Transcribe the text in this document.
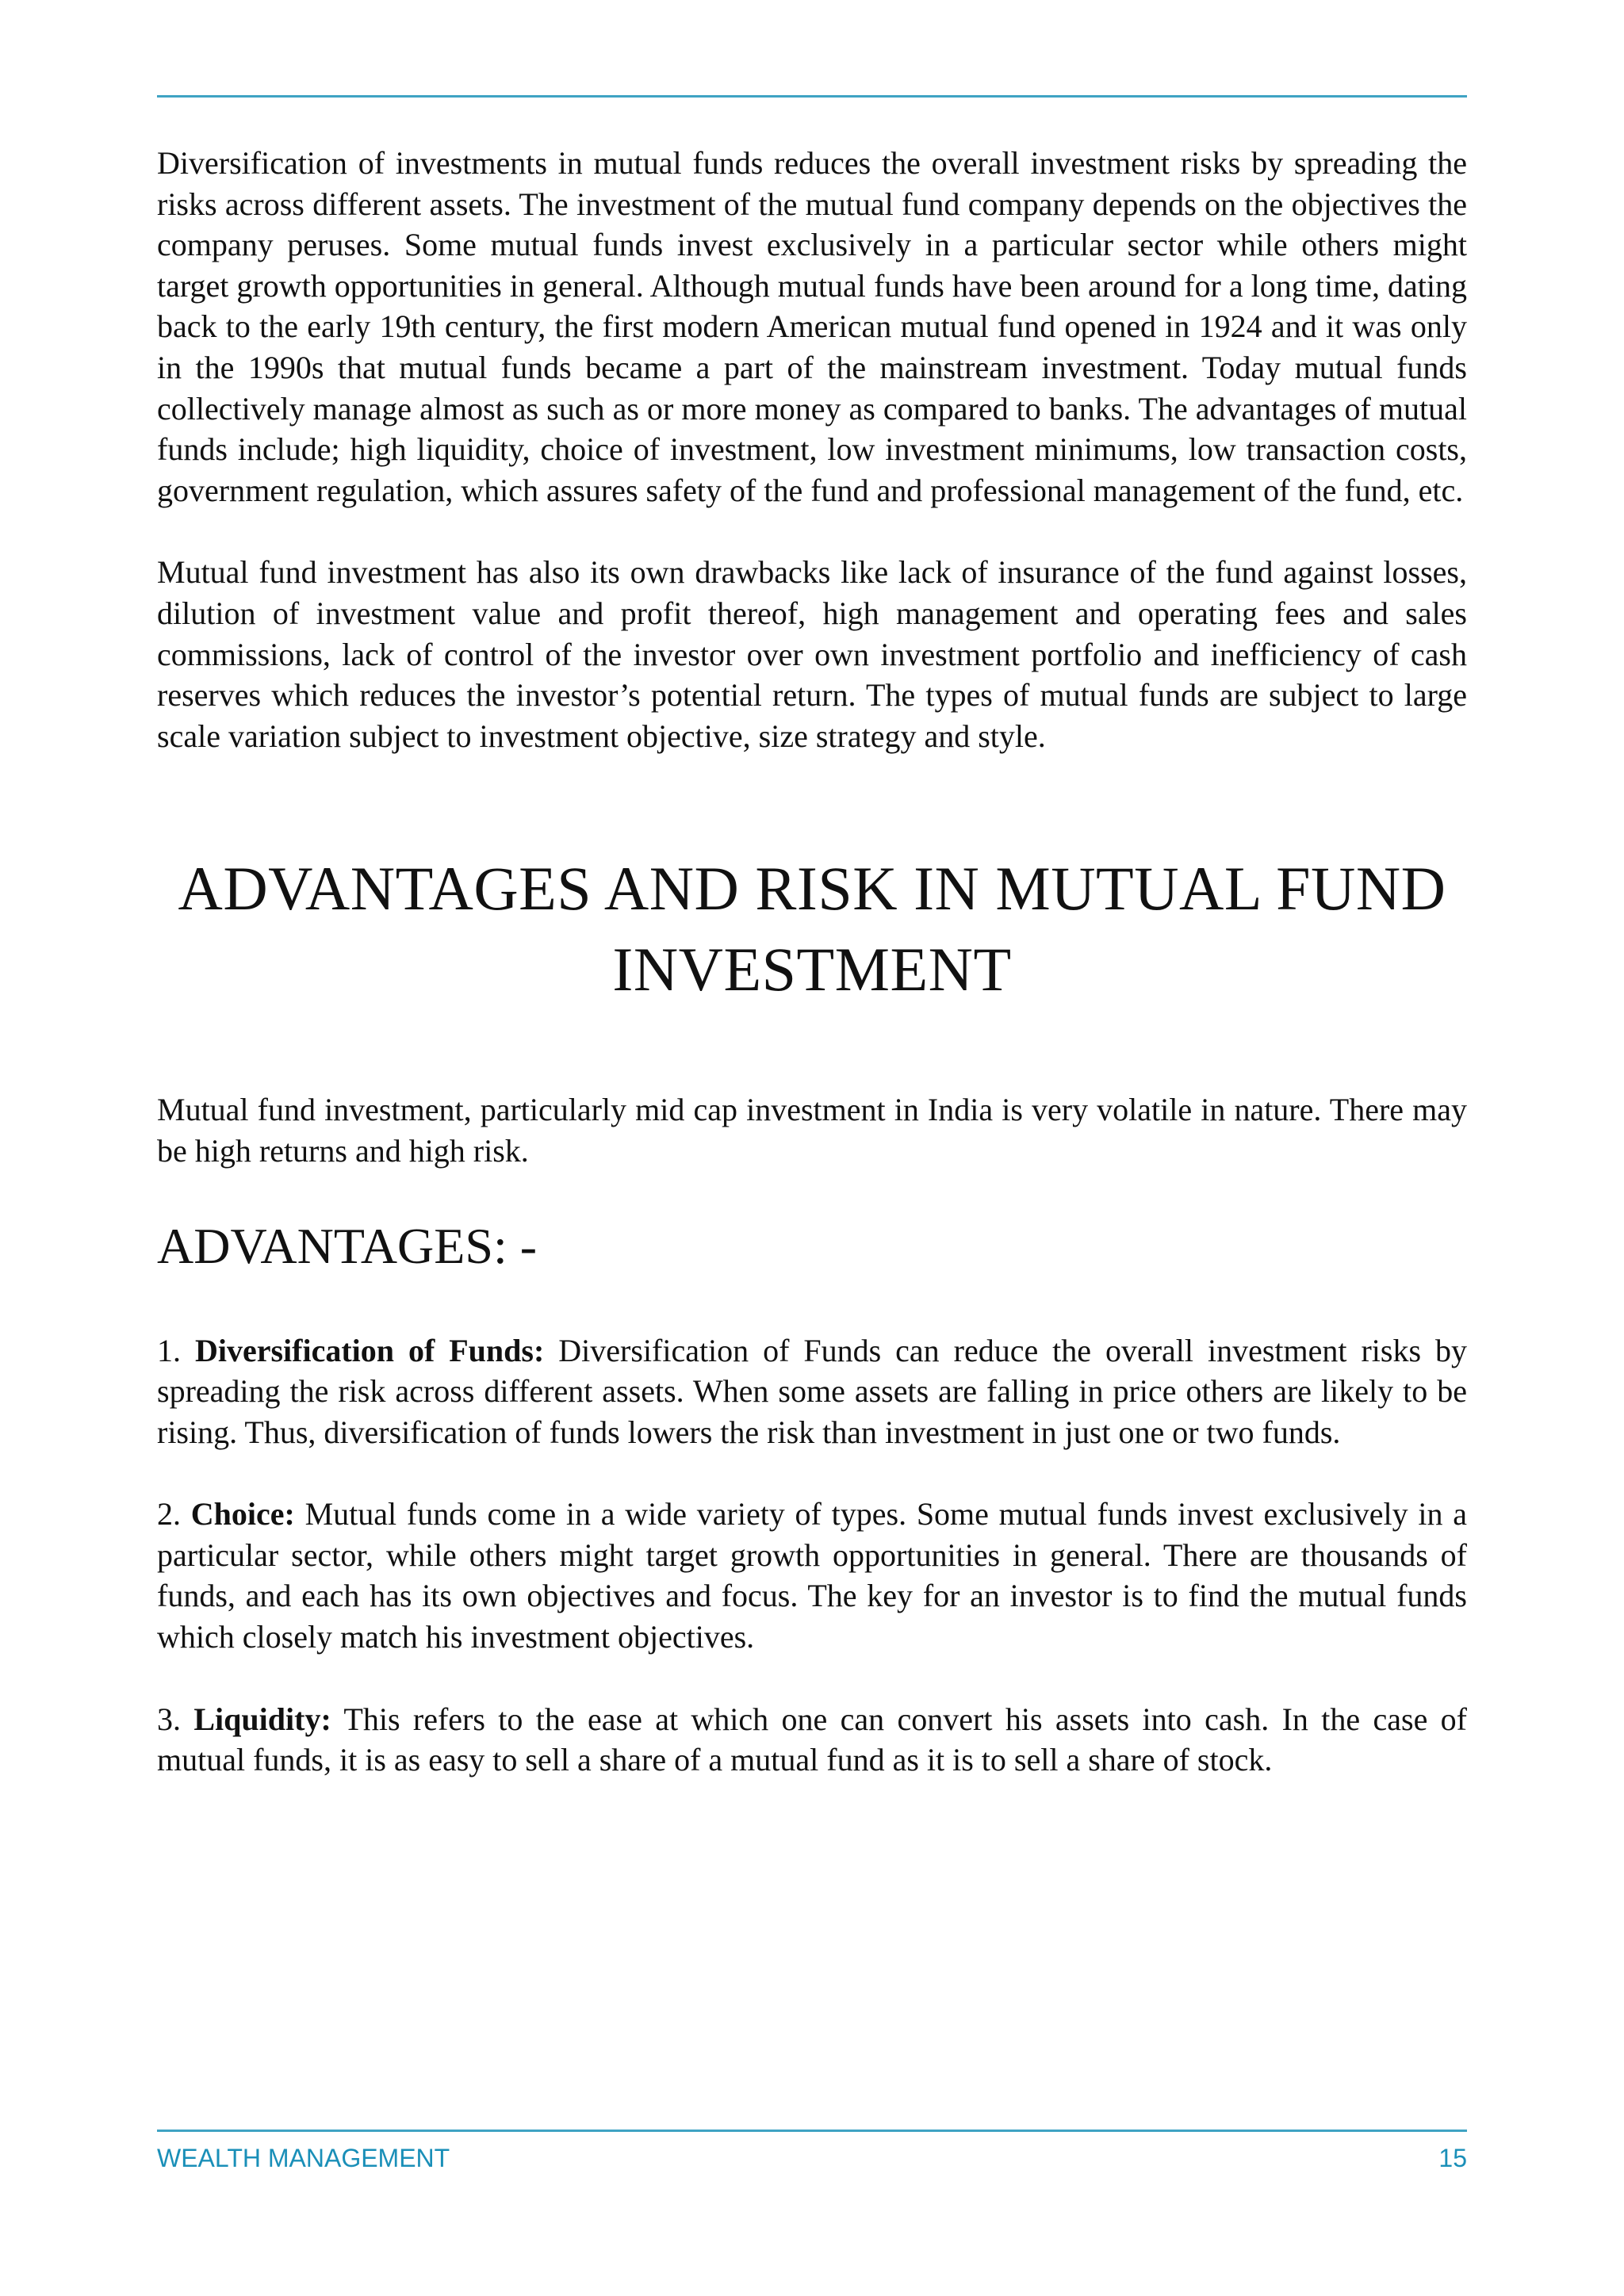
Diversification of investments in mutual funds reduces the overall investment risks by spreading the risks across different assets. The investment of the mutual fund company depends on the objectives the company peruses. Some mutual funds invest exclusively in a particular sector while others might target growth opportunities in general. Although mutual funds have been around for a long time, dating back to the early 19th century, the first modern American mutual fund opened in 1924 and it was only in the 1990s that mutual funds became a part of the mainstream investment. Today mutual funds collectively manage almost as such as or more money as compared to banks. The advantages of mutual funds include; high liquidity, choice of investment, low investment minimums, low transaction costs, government regulation, which assures safety of the fund and professional management of the fund, etc.

Mutual fund investment has also its own drawbacks like lack of insurance of the fund against losses, dilution of investment value and profit thereof, high management and operating fees and sales commissions, lack of control of the investor over own investment portfolio and inefficiency of cash reserves which reduces the investor’s potential return. The types of mutual funds are subject to large scale variation subject to investment objective, size strategy and style.

ADVANTAGES AND RISK IN MUTUAL FUND
INVESTMENT

Mutual fund investment, particularly mid cap investment in India is very volatile in nature. There may be high returns and high risk.

ADVANTAGES: -

1. Diversification of Funds: Diversification of Funds can reduce the overall investment risks by spreading the risk across different assets. When some assets are falling in price others are likely to be rising. Thus, diversification of funds lowers the risk than investment in just one or two funds.

2. Choice: Mutual funds come in a wide variety of types. Some mutual funds invest exclusively in a particular sector, while others might target growth opportunities in general. There are thousands of funds, and each has its own objectives and focus. The key for an investor is to find the mutual funds which closely match his investment objectives.

3. Liquidity: This refers to the ease at which one can convert his assets into cash. In the case of mutual funds, it is as easy to sell a share of a mutual fund as it is to sell a share of stock.

WEALTH MANAGEMENT	15
